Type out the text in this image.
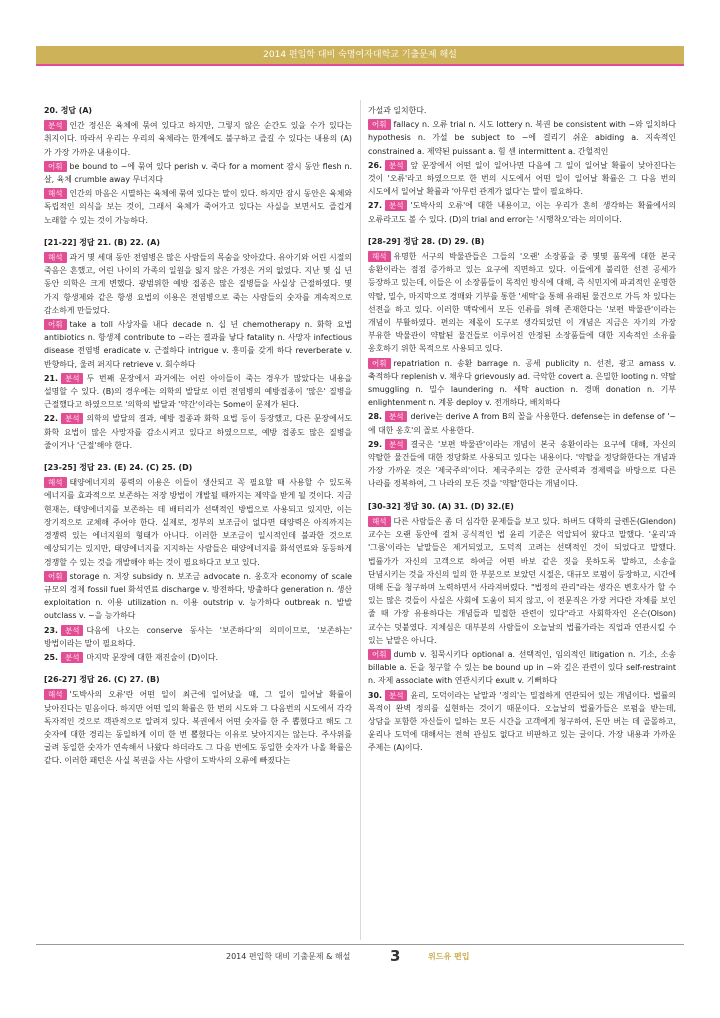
2014 편입학 대비 숙명여자대학교 기출문제 해설

20. 정답 (A)

분석 인간 정신은 육체에 묶여 있다고 하지만, 그렇지 않은 순간도 있을 수가 있다는 취지이다. 따라서 우리는 우리의 육체라는 한계에도 불구하고 즐길 수 있다는 내용의 (A)가 가장 가까운 내용이다.

어휘 be bound to ~에 묶여 있다 perish v. 죽다 for a moment 잠시 동안 flesh n. 살, 육체 crumble away 무너지다

해석 인간의 마음은 시멸하는 육체에 묶여 있다는 말이 있다. 하지만 잠시 동안은 육체와 독립적인 의식을 보는 것이, 그래서 육체가 죽어가고 있다는 사실을 보면서도 즐겁게 노래할 수 있는 것이 가능하다.

[21-22] 정답 21. (B) 22. (A)

해석 과거 몇 세대 동안 전염병은 많은 사람들의 목숨을 앗아갔다. 유아기와 어린 시절의 죽음은 흔했고, 어린 나이의 가족의 일원을 잃지 않은 가정은 거의 없었다. 지난 몇 십 년 동안 의학은 크게 변했다. 광범위한 예방 접종은 많은 질병들을 사실상 근절하였다. 몇 가지 항생제와 같은 항생 요법의 이용은 전염병으로 죽는 사람들의 숫자를 계속적으로 감소하게 만들었다.

어휘 take a toll 사상자를 내다 decade n. 십 년 chemotherapy n. 화학 요법 antibiotics n. 항생제 contribute to ~라는 결과를 낳다 fatality n. 사망자 infectious disease 전염병 eradicate v. 근절하다 intrigue v. 흥미를 갖게 하다 reverberate v. 반향하다, 울려 퍼지다 retrieve v. 회수하다

21. 분석 두 번째 문장에서 과거에는 어린 아이들이 죽는 경우가 많았다는 내용을 설명할 수 있다. (B)의 경우에는 의학의 발달로 이런 전염병의 예방접종이 '많은' 질병을 근절했다고 하였으므로 '의학의 발달과 '약간'이라는 Some이 문제가 된다.

22. 분석 의학의 발달의 결과, 예방 접종과 화학 요법 등이 등장했고, 다른 문장에서도 화학 요법이 많은 사망자를 감소시켜고 있다고 하였으므로, 예방 접종도 많은 질병을 줄이거나 '근절'해야 한다.

[23-25] 정답 23. (E) 24. (C) 25. (D)

해석 태양에너지의 풍력의 이용은 이들이 생산되고 꼭 필요할 때 사용할 수 있도록 에너지를 효과적으로 보존하는 저장 방법이 개발될 때까지는 제약을 받게 될 것이다. 지금 현재는, 태양에너지를 보존하는 데 배터리가 선택적인 방법으로 사용되고 있지만, 이는 장기적으로 교체해 주어야 한다. 실제로, 정부의 보조금이 없다면 태양력은 아직까지는 경쟁력 있는 에너지원의 형태가 아니다. 이러한 보조금이 일시적인데 불과한 것으로 예상되기는 있지만, 태양에너지를 지지하는 사람들은 태양에너지를 화석연료와 동등하게 경쟁할 수 있는 것을 개발해야 하는 것이 필요하다고 보고 있다.

어휘 storage n. 저장 subsidy n. 보조금 advocate n. 옹호자 economy of scale 규모의 경제 fossil fuel 화석연료 discharge v. 방전하다, 방출하다 generation n. 생산 exploitation n. 이용 utilization n. 이용 outstrip v. 능가하다 outbreak n. 발발 outclass v. ~을 능가하다

23. 분석 다음에 나오는 conserve 동사는 '보존하다'의 의미이므로, '보존하는' 방법이라는 말이 필요하다.

25. 분석 마지막 문장에 대한 재진술이 (D)이다.

[26-27] 정답 26. (C) 27. (B)

해석 '도박사의 오류'란 어떤 일이 최근에 일어났을 때, 그 일이 일어날 확률이 낮아진다는 믿음이다. 하지만 어떤 일의 확률은 한 번의 시도와 그 다음번의 시도에서 각각 독자적인 것으로 객관적으로 알려져 있다. 복권에서 어떤 숫자를 한 주 뽑혔다고 해도 그 숫자에 대한 경리는 동일하게 이미 한 번 뽑혔다는 이유로 낮아지지는 않는다. 주사위를 굴려 동일한 숫자가 연속해서 나왔다 하더라도 그 다음 번에도 동일한 숫자가 나올 확률은 같다. 이러한 패턴은 사실 복권을 사는 사람이 도박사의 오류에 빠졌다는

가설과 일치한다.

어휘 fallacy n. 오류 trial n. 시도 lottery n. 복권 be consistent with ~와 일치하다 hypothesis n. 가설 be subject to ~에 걸리기 쉬운 abiding a. 지속적인 constrained a. 제약된 puissant a. 힘 센 intermittent a. 간헐적인

26. 분석 앞 문장에서 어떤 일이 일어나면 다음에 그 일이 일어날 확률이 낮아진다는 것이 '오류'라고 하였으므로 한 번의 시도에서 어떤 일이 일어날 확률은 그 다음 번의 시도에서 일어날 확률과 '아무런 관계가 없다'는 말이 필요하다.

27. 분석 '도박사의 오류'에 대한 내용이고, 이는 우리가 흔히 생각하는 확률에서의 오류라고도 볼 수 있다. (D)의 trial and error는 '시행착오'라는 의미이다.

[28-29] 정답 28. (D) 29. (B)

해석 유명한 서구의 박물관들은 그들의 '오랜' 소장품을 중 몇몇 품목에 대한 본국 송환이라는 점점 증가하고 있는 요구에 직면하고 있다. 이들에게 불리한 선전 공세가 등장하고 있는데, 이들은 이 소장품들이 목적인 방식에 대해, 즉 식민지에 파괴적인 운명한 약탈, 밀수, 마지막으로 경매와 기부를 통한 '세탁'을 통해 유래된 물건으로 가득 차 있다는 선전을 하고 있다. 이러한 맥락에서 모든 인류를 위해 존재한다는 '보편 박물관'이라는 개념이 부활하였다. 편의는 제몫이 도구로 생각되었던 이 개념은 지금은 자기의 가장 부유한 박물관이 약탈된 물건들로 이루어진 안정된 소장품들에 대한 지속적인 소유를 옹호하기 위한 목적으로 사용되고 있다.

어휘 repatriation n. 송환 barrage n. 공세 publicity n. 선전, 광고 amass v. 축적하다 replenish v. 채우다 grievously ad. 극악한 covert a. 은밀한 looting n. 약탈 smuggling n. 밀수 laundering n. 세탁 auction n. 경매 donation n. 기부 enlightenment n. 계몽 deploy v. 전개하다, 배치하다

28. 분석 derive는 derive A from B의 꼴을 사용한다. defense는 in defense of '~에 대한 옹호'의 꼴로 사용한다.

29. 분석 결국은 '보편 박물관'이라는 개념이 본국 송환이라는 요구에 대해, 자신의 약탈한 물건들에 대한 정당화로 사용되고 있다는 내용이다. '약탈을 정당화한다는 개념과 가장 가까운 것은 '제국주의'이다. 제국주의는 강한 군사력과 경제력을 바탕으로 다른 나라를 정복하여, 그 나라의 모든 것을 '약탈'한다는 개념이다.

[30-32] 정답 30. (A) 31. (D) 32.(E)

해석 다른 사람들은 좀 더 심각한 문제들을 보고 있다. 하버드 대학의 글렌돈(Glendon) 교수는 오랜 동안에 걸쳐 공식적인 법 윤리 기준은 억압되어 왔다고 말했다. '윤리'과 '그름'이라는 낱말들은 제거되었고, 도덕적 고려는 선택적인 것이 되었다고 말했다. 법률가가 자신의 고객으로 하여금 어떤 바보 같은 짓을 못하도록 말하고, 소송을 단념시키는 것을 자신의 일의 한 부분으로 보았던 시절은, 대규모 로펌이 등장하고, 시간에 대해 돈을 청구하며 노력하면서 사라져버렸다. "법정의 관리"라는 생각은 변호사가 할 수 있는 많은 것들이 사실은 사회에 도움이 되지 않고, 이 전문직은 가장 커다란 자체를 보인 줄 때 가장 유용하다는 개념들과 밀접한 관련이 있다"라고 사회학자인 온슨(Olson) 교수는 덧붙였다. 지체심은 대부분의 사람들이 오늘날의 법률가라는 직업과 연관시킬 수 있는 낱말은 아니다.

어휘 dumb v. 침묵시키다 optional a. 선택적인, 임의적인 litigation n. 기소, 소송 billable a. 돈을 청구할 수 있는 be bound up in ~와 깊은 관련이 있다 self-restraint n. 자제 associate with 연관시키다 exult v. 기뻐하다

30. 분석 윤리, 도덕이라는 낱말과 '정의'는 밀접하게 연관되어 있는 개념이다. 법률의 목적이 완벽 정의를 실현하는 것이기 때문이다. 오늘날의 법률가들은 로펌을 받는데, 상담을 포함한 자신들이 일하는 모든 시간을 고객에게 청구하여, 돈만 버는 데 골몰하고, 윤리나 도덕에 대해서는 전혀 관심도 없다고 비판하고 있는 글이다. 가장 내용과 가까운 주제는 (A)이다.

2014 편입학 대비 기출문제 & 해설	3	위드유 편입
